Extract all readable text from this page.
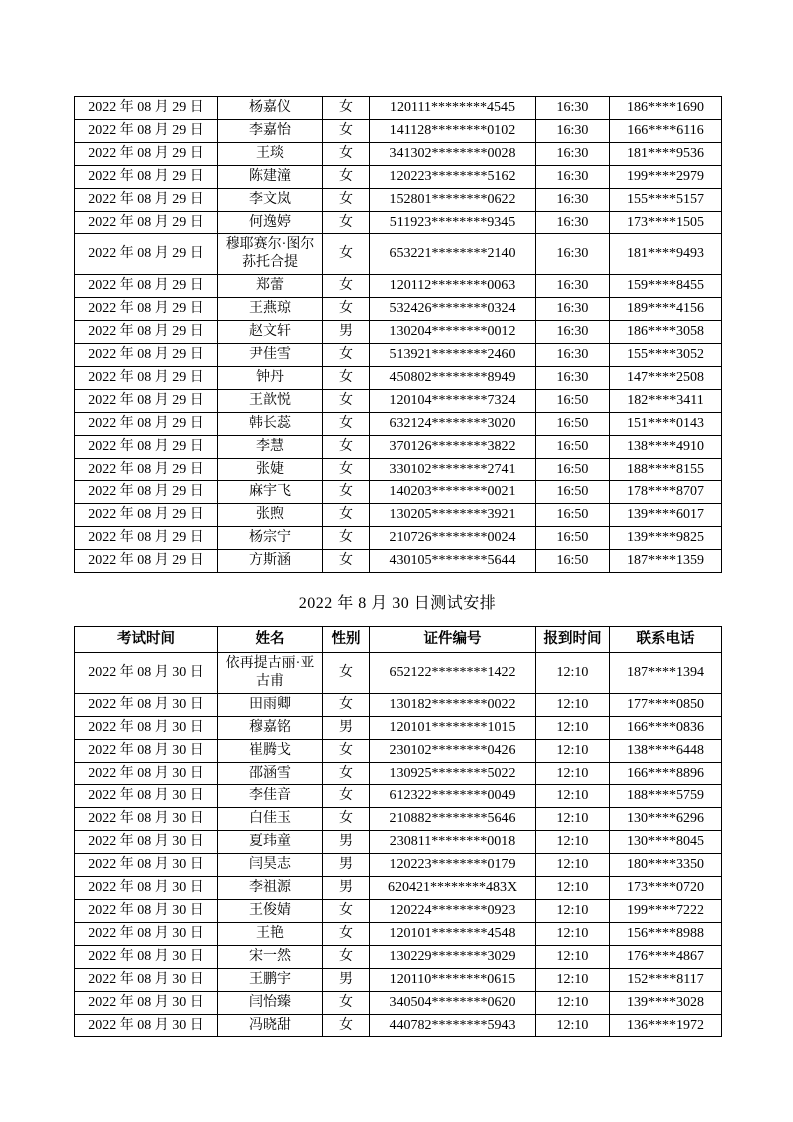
2022 年 08 月 29 日	杨嘉仪	女	120111********4545	16:30	186****1690
2022 年 08 月 29 日	李嘉怡	女	141128********0102	16:30	166****6116
2022 年 08 月 29 日	王琰	女	341302********0028	16:30	181****9536
2022 年 08 月 29 日	陈建潼	女	120223********5162	16:30	199****2979
2022 年 08 月 29 日	李文岚	女	152801********0622	16:30	155****5157
2022 年 08 月 29 日	何逸婷	女	511923********9345	16:30	173****1505
2022 年 08 月 29 日	穆耶赛尔·图尔荪托合提	女	653221********2140	16:30	181****9493
2022 年 08 月 29 日	郑蕾	女	120112********0063	16:30	159****8455
2022 年 08 月 29 日	王燕琼	女	532426********0324	16:30	189****4156
2022 年 08 月 29 日	赵文轩	男	130204********0012	16:30	186****3058
2022 年 08 月 29 日	尹佳雪	女	513921********2460	16:30	155****3052
2022 年 08 月 29 日	钟丹	女	450802********8949	16:30	147****2508
2022 年 08 月 29 日	王歆悦	女	120104********7324	16:50	182****3411
2022 年 08 月 29 日	韩长蕊	女	632124********3020	16:50	151****0143
2022 年 08 月 29 日	李慧	女	370126********3822	16:50	138****4910
2022 年 08 月 29 日	张婕	女	330102********2741	16:50	188****8155
2022 年 08 月 29 日	麻宇飞	女	140203********0021	16:50	178****8707
2022 年 08 月 29 日	张煦	女	130205********3921	16:50	139****6017
2022 年 08 月 29 日	杨宗宁	女	210726********0024	16:50	139****9825
2022 年 08 月 29 日	方斯涵	女	430105********5644	16:50	187****1359
2022 年 8 月 30 日测试安排
考试时间	姓名	性别	证件编号	报到时间	联系电话
2022 年 08 月 30 日	依再提古丽·亚古甫	女	652122********1422	12:10	187****1394
2022 年 08 月 30 日	田雨卿	女	130182********0022	12:10	177****0850
2022 年 08 月 30 日	穆嘉铭	男	120101********1015	12:10	166****0836
2022 年 08 月 30 日	崔腾戈	女	230102********0426	12:10	138****6448
2022 年 08 月 30 日	邵涵雪	女	130925********5022	12:10	166****8896
2022 年 08 月 30 日	李佳音	女	612322********0049	12:10	188****5759
2022 年 08 月 30 日	白佳玉	女	210882********5646	12:10	130****6296
2022 年 08 月 30 日	夏玮童	男	230811********0018	12:10	130****8045
2022 年 08 月 30 日	闫昊志	男	120223********0179	12:10	180****3350
2022 年 08 月 30 日	李祖源	男	620421********483X	12:10	173****0720
2022 年 08 月 30 日	王俊婧	女	120224********0923	12:10	199****7222
2022 年 08 月 30 日	王艳	女	120101********4548	12:10	156****8988
2022 年 08 月 30 日	宋一然	女	130229********3029	12:10	176****4867
2022 年 08 月 30 日	王鹏宇	男	120110********0615	12:10	152****8117
2022 年 08 月 30 日	闫怡臻	女	340504********0620	12:10	139****3028
2022 年 08 月 30 日	冯晓甜	女	440782********5943	12:10	136****1972
